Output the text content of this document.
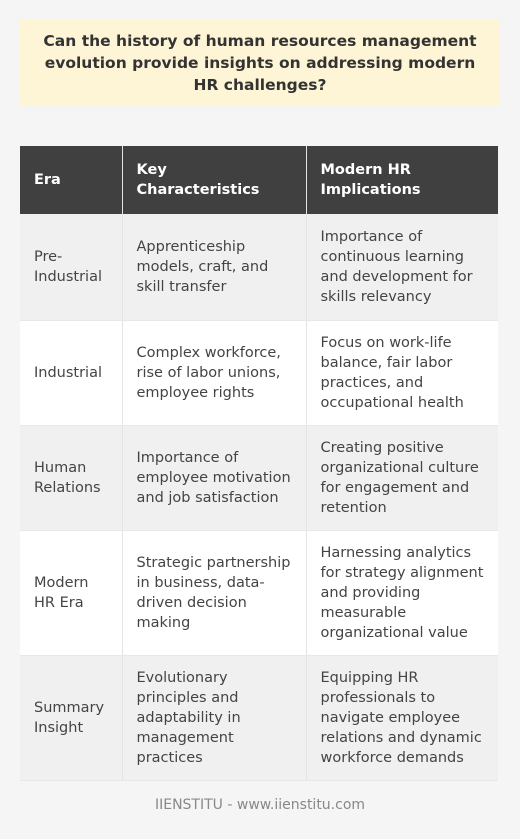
Can the history of human resources management evolution provide insights on addressing modern HR challenges?

Era	Key Characteristics	Modern HR Implications
Pre-Industrial	Apprenticeship models, craft, and skill transfer	Importance of continuous learning and development for skills relevancy
Industrial	Complex workforce, rise of labor unions, employee rights	Focus on work-life balance, fair labor practices, and occupational health
Human Relations	Importance of employee motivation and job satisfaction	Creating positive organizational culture for engagement and retention
Modern HR Era	Strategic partnership in business, data-driven decision making	Harnessing analytics for strategy alignment and providing measurable organizational value
Summary Insight	Evolutionary principles and adaptability in management practices	Equipping HR professionals to navigate employee relations and dynamic workforce demands
IIENSTITU - www.iienstitu.com
